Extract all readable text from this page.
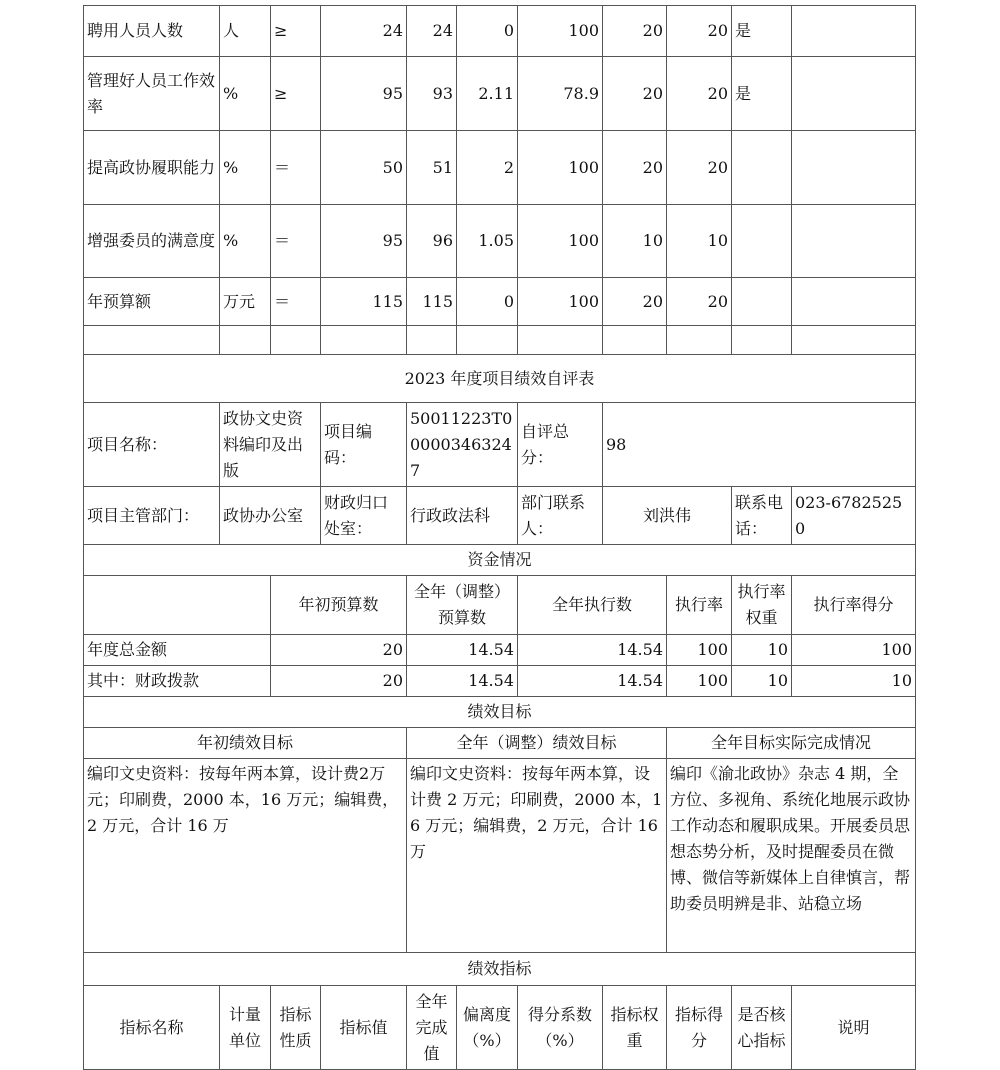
聘用人员人数	人	≥	24	24	0	100	20	20	是	
管理好人员工作效率	%	≥	95	93	2.11	78.9	20	20	是	
提高政协履职能力	%	＝	50	51	2	100	20	20		
增强委员的满意度	%	＝	95	96	1.05	100	10	10		
年预算额	万元	＝	115	115	0	100	20	20		

2023 年度项目绩效自评表										
项目名称：	政协文史资料编印及出版		项目编码：	50011223T000003463247		自评总分：	98			
项目主管部门：	政协办公室		财政归口处室：	行政政法科		部门联系人：	刘洪伟		联系电话：	023-67825250
资金情况										
		年初预算数		全年（调整）预算数		全年执行数		执行率	执行率权重	执行率得分
年度总金额		20		14.54		14.54		100	10	100
其中：财政拨款		20		14.54		14.54		100	10	10
绩效目标										
年初绩效目标				全年（调整）绩效目标				全年目标实际完成情况		
编印文史资料：按每年两本算，设计费2万元；印刷费，2000 本，16 万元；编辑费，2 万元，合计 16 万				编印文史资料：按每年两本算，设计费 2 万元；印刷费，2000 本，16 万元；编辑费，2 万元，合计 16 万				编印《渝北政协》杂志 4 期，全方位、多视角、系统化地展示政协工作动态和履职成果。开展委员思想态势分析，及时提醒委员在微博、微信等新媒体上自律慎言，帮助委员明辨是非、站稳立场		
绩效指标										
指标名称	计量单位	指标性质	指标值	全年完成值	偏离度（%）	得分系数（%）	指标权重	指标得分	是否核心指标	说明
